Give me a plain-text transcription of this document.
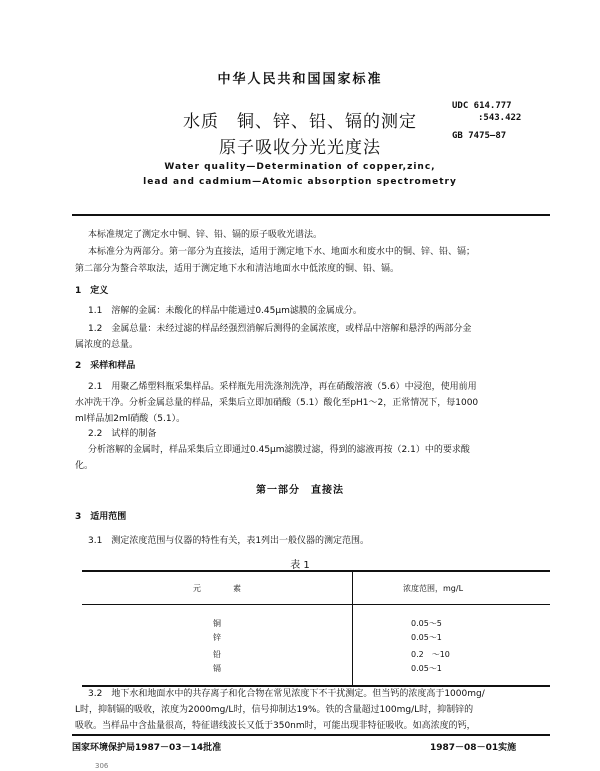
中华人民共和国国家标准
UDC 614.777
:543.422
GB 7475—87
水质　铜、锌、铅、镉的测定
原子吸收分光光度法
Water quality—Determination of copper,zinc,
lead and cadmium—Atomic absorption spectrometry
本标准规定了测定水中铜、锌、铅、镉的原子吸收光谱法。
本标准分为两部分。第一部分为直接法，适用于测定地下水、地面水和废水中的铜、锌、铅、镉；
第二部分为螯合萃取法，适用于测定地下水和清洁地面水中低浓度的铜、铅、镉。
1　定义
1.1　溶解的金属：未酸化的样品中能通过0.45μm滤膜的金属成分。
1.2　金属总量：未经过滤的样品经强烈消解后测得的金属浓度，或样品中溶解和悬浮的两部分金
属浓度的总量。
2　采样和样品
2.1　用聚乙烯塑料瓶采集样品。采样瓶先用洗涤剂洗净，再在硝酸溶液（5.6）中浸泡，使用前用
水冲洗干净。分析金属总量的样品，采集后立即加硝酸（5.1）酸化至pH1～2，正常情况下，每1000
ml样品加2ml硝酸（5.1）。
2.2　试样的制备
分析溶解的金属时，样品采集后立即通过0.45μm滤膜过滤，得到的滤液再按（2.1）中的要求酸
化。
第一部分　直接法
3　适用范围
3.1　测定浓度范围与仪器的特性有关，表1列出一般仪器的测定范围。
表 1
元　　　　素	浓度范围，mg/L
铜	0.05～5
锌	0.05～1
铅	0.2　～10
镉	0.05～1
3.2　地下水和地面水中的共存离子和化合物在常见浓度下不干扰测定。但当钙的浓度高于1000mg/
L时，抑制镉的吸收，浓度为2000mg/L时，信号抑制达19%。铁的含量超过100mg/L时，抑制锌的
吸收。当样品中含盐量很高，特征谱线波长又低于350nm时，可能出现非特征吸收。如高浓度的钙，
国家环境保护局1987－03－14批准	1987－08－01实施
306
